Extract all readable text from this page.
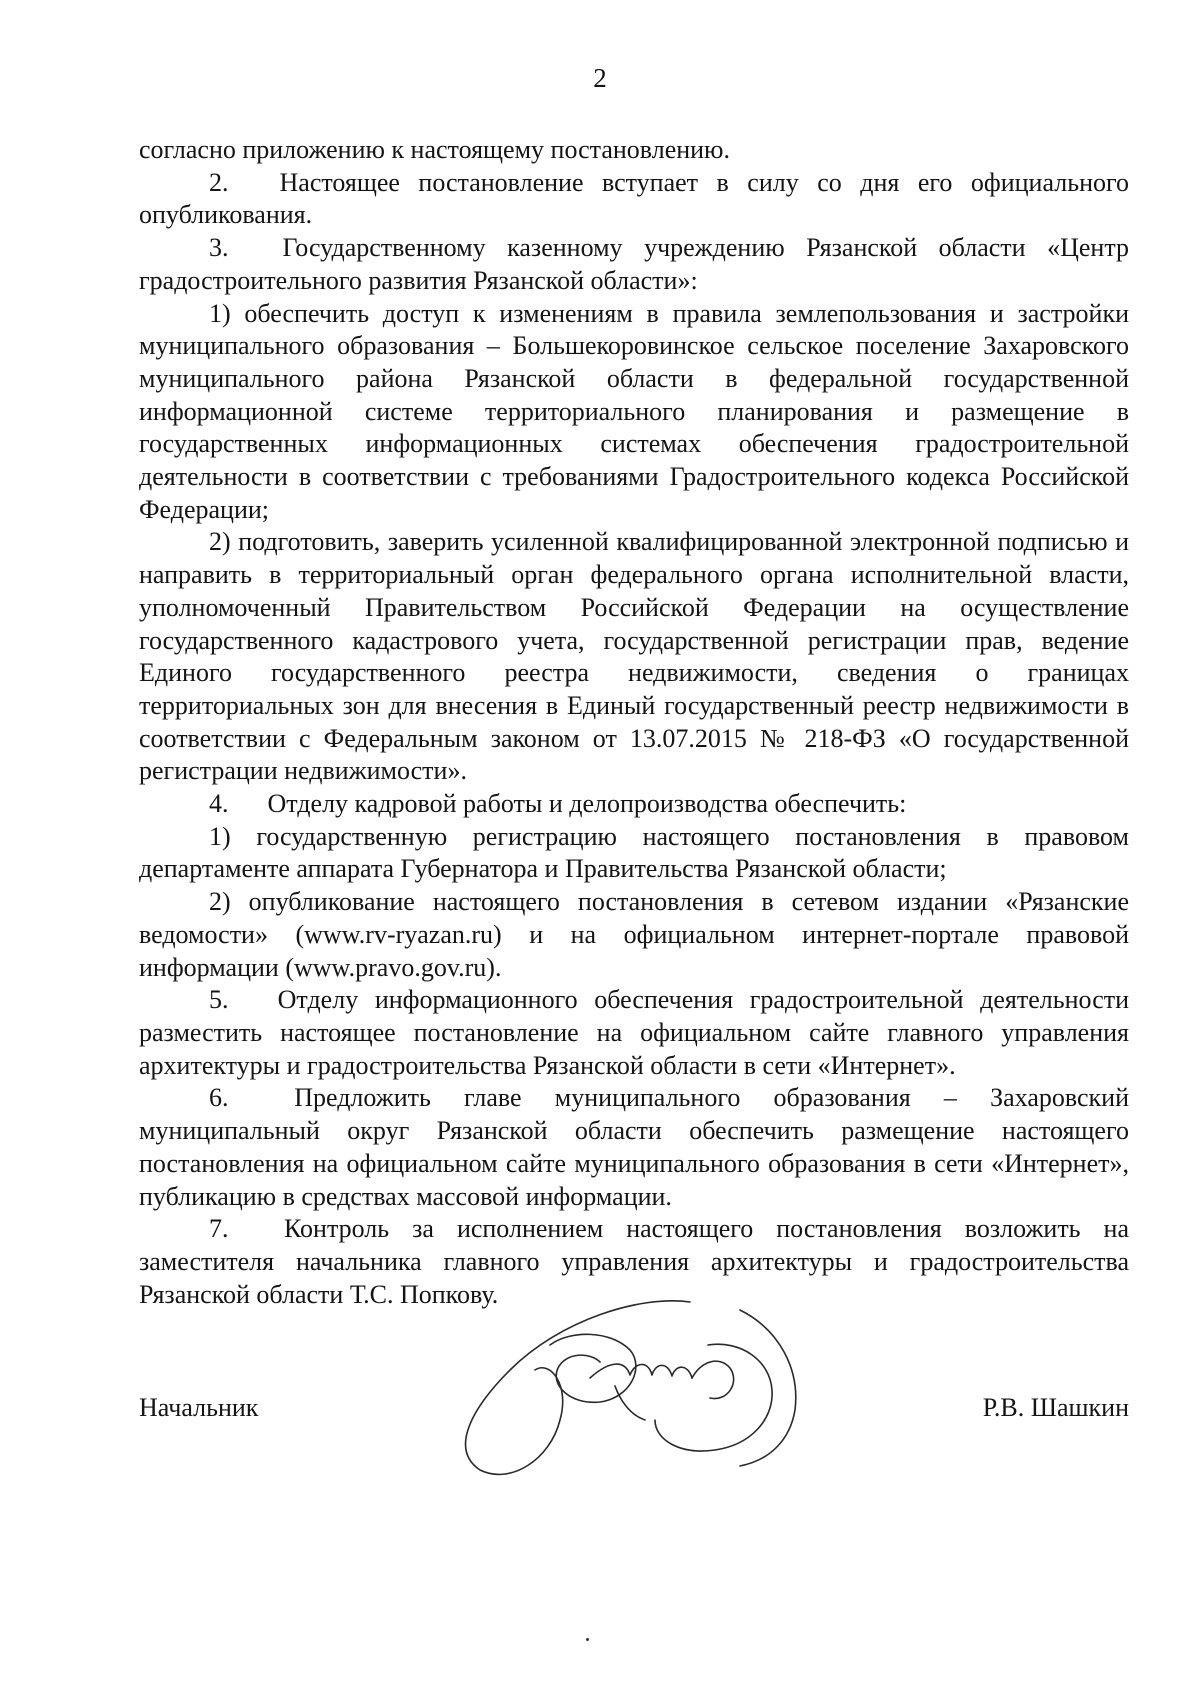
2

согласно приложению к настоящему постановлению.

2. Настоящее постановление вступает в силу со дня его официального опубликования.

3. Государственному казенному учреждению Рязанской области «Центр градостроительного развития Рязанской области»:

1) обеспечить доступ к изменениям в правила землепользования и застройки муниципального образования – Большекоровинское сельское поселение Захаровского муниципального района Рязанской области в федеральной государственной информационной системе территориального планирования и размещение в государственных информационных системах обеспечения градостроительной деятельности в соответствии с требованиями Градостроительного кодекса Российской Федерации;

2) подготовить, заверить усиленной квалифицированной электронной подписью и направить в территориальный орган федерального органа исполнительной власти, уполномоченный Правительством Российской Федерации на осуществление государственного кадастрового учета, государственной регистрации прав, ведение Единого государственного реестра недвижимости, сведения о границах территориальных зон для внесения в Единый государственный реестр недвижимости в соответствии с Федеральным законом от 13.07.2015 № 218-ФЗ «О государственной регистрации недвижимости».

4. Отделу кадровой работы и делопроизводства обеспечить:

1) государственную регистрацию настоящего постановления в правовом департаменте аппарата Губернатора и Правительства Рязанской области;

2) опубликование настоящего постановления в сетевом издании «Рязанские ведомости» (www.rv-ryazan.ru) и на официальном интернет-портале правовой информации (www.pravo.gov.ru).

5. Отделу информационного обеспечения градостроительной деятельности разместить настоящее постановление на официальном сайте главного управления архитектуры и градостроительства Рязанской области в сети «Интернет».

6.	Предложить главе муниципального образования – Захаровский муниципальный округ Рязанской области обеспечить размещение настоящего постановления на официальном сайте муниципального образования в сети «Интернет», публикацию в средствах массовой информации.

7. Контроль за исполнением настоящего постановления возложить на заместителя начальника главного управления архитектуры и градостроительства Рязанской области Т.С. Попкову.

Начальник	Р.В. Шашкин
